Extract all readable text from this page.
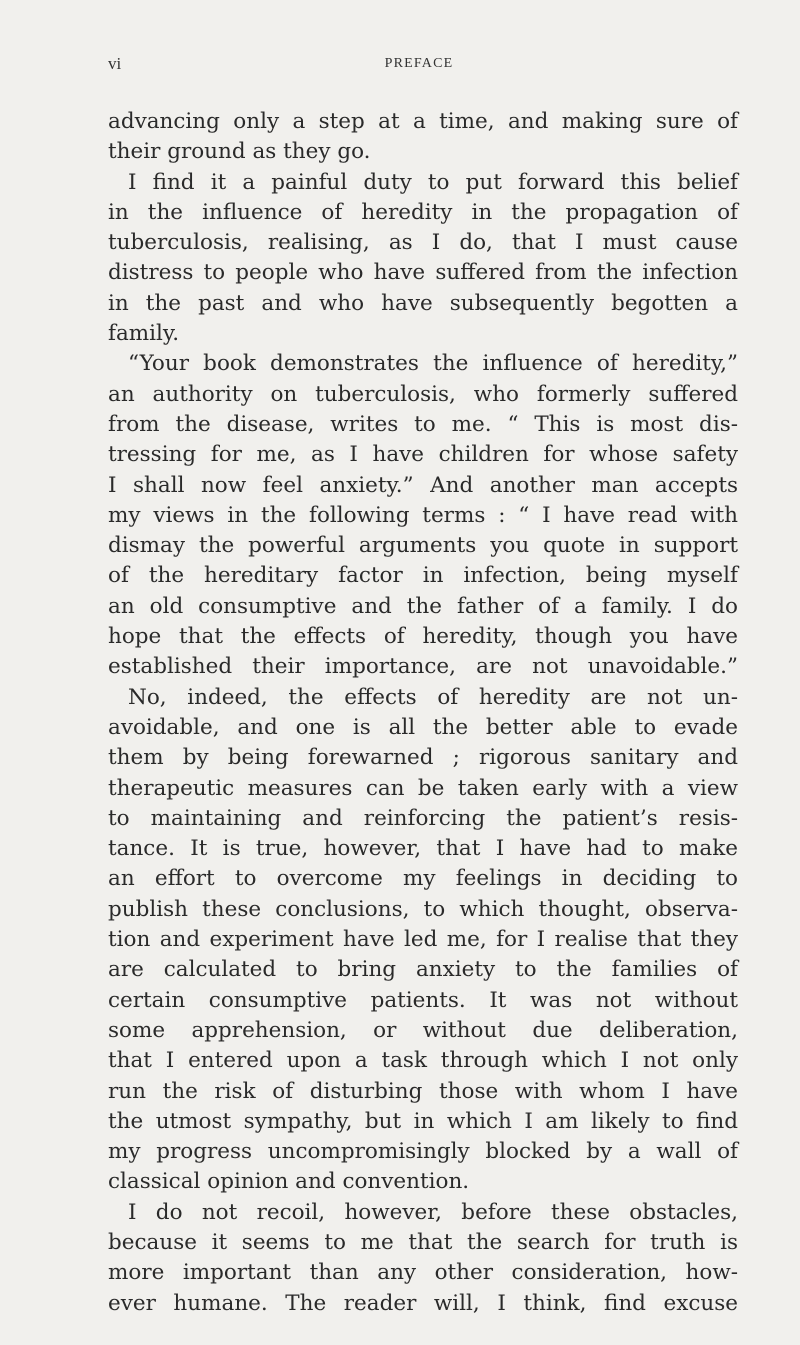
vi	PREFACE
advancing only a step at a time, and making sure of
their ground as they go.
I find it a painful duty to put forward this belief
in the influence of heredity in the propagation of
tuberculosis, realising, as I do, that I must cause
distress to people who have suffered from the infection
in the past and who have subsequently begotten a
family.
“Your book demonstrates the influence of heredity,”
an authority on tuberculosis, who formerly suffered
from the disease, writes to me. “ This is most dis-
tressing for me, as I have children for whose safety
I shall now feel anxiety.” And another man accepts
my views in the following terms : “ I have read with
dismay the powerful arguments you quote in support
of the hereditary factor in infection, being myself
an old consumptive and the father of a family. I do
hope that the effects of heredity, though you have
established their importance, are not unavoidable.”
No, indeed, the effects of heredity are not un-
avoidable, and one is all the better able to evade
them by being forewarned ; rigorous sanitary and
therapeutic measures can be taken early with a view
to maintaining and reinforcing the patient’s resis-
tance. It is true, however, that I have had to make
an effort to overcome my feelings in deciding to
publish these conclusions, to which thought, observa-
tion and experiment have led me, for I realise that they
are calculated to bring anxiety to the families of
certain consumptive patients. It was not without
some apprehension, or without due deliberation,
that I entered upon a task through which I not only
run the risk of disturbing those with whom I have
the utmost sympathy, but in which I am likely to find
my progress uncompromisingly blocked by a wall of
classical opinion and convention.
I do not recoil, however, before these obstacles,
because it seems to me that the search for truth is
more important than any other consideration, how-
ever humane. The reader will, I think, find excuse
